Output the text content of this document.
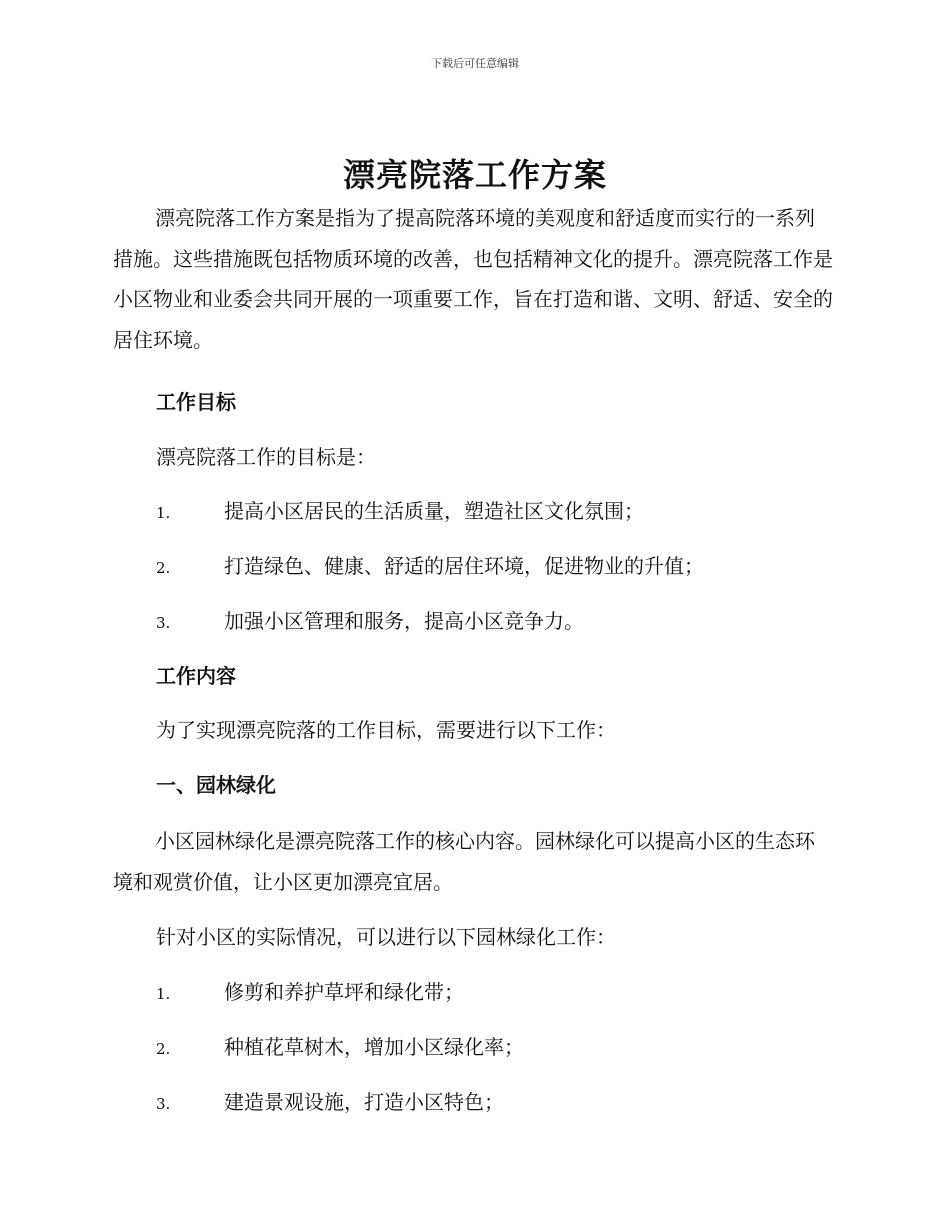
下载后可任意编辑
漂亮院落工作方案

漂亮院落工作方案是指为了提高院落环境的美观度和舒适度而实行的一系列措施。这些措施既包括物质环境的改善，也包括精神文化的提升。漂亮院落工作是小区物业和业委会共同开展的一项重要工作，旨在打造和谐、文明、舒适、安全的居住环境。

工作目标
漂亮院落工作的目标是：
1.	提高小区居民的生活质量，塑造社区文化氛围；
2.	打造绿色、健康、舒适的居住环境，促进物业的升值；
3.	加强小区管理和服务，提高小区竞争力。
工作内容
为了实现漂亮院落的工作目标，需要进行以下工作：
一、园林绿化

小区园林绿化是漂亮院落工作的核心内容。园林绿化可以提高小区的生态环境和观赏价值，让小区更加漂亮宜居。

针对小区的实际情况，可以进行以下园林绿化工作：
1.	修剪和养护草坪和绿化带；
2.	种植花草树木，增加小区绿化率；
3.	建造景观设施，打造小区特色；
